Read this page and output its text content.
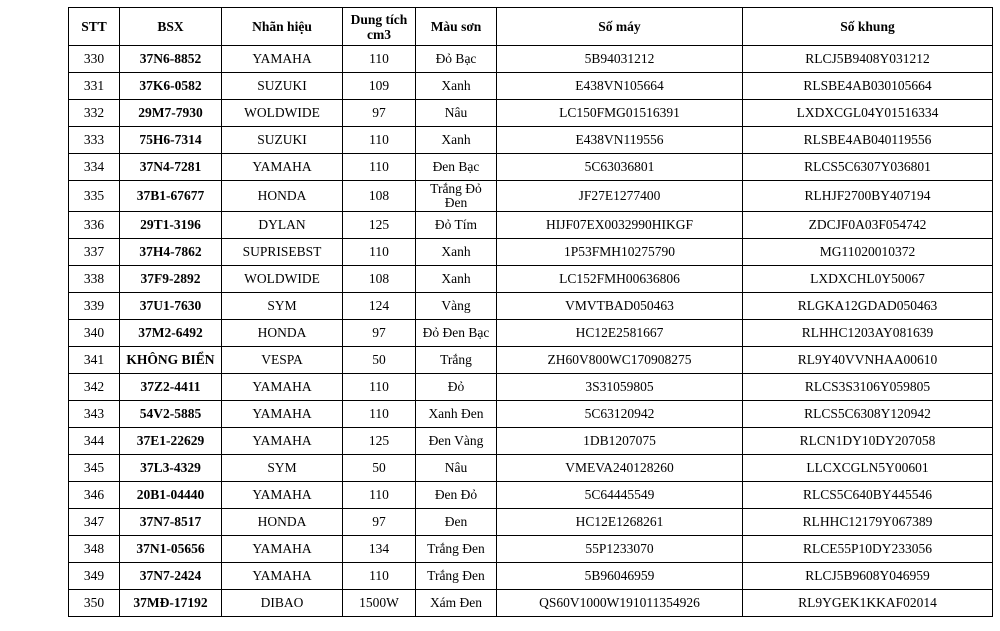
STT	BSX	Nhãn hiệu	Dung tích cm3	Màu sơn	Số máy	Số khung
330	37N6-8852	YAMAHA	110	Đỏ Bạc	5B94031212	RLCJ5B9408Y031212
331	37K6-0582	SUZUKI	109	Xanh	E438VN105664	RLSBE4AB030105664
332	29M7-7930	WOLDWIDE	97	Nâu	LC150FMG01516391	LXDXCGL04Y01516334
333	75H6-7314	SUZUKI	110	Xanh	E438VN119556	RLSBE4AB040119556
334	37N4-7281	YAMAHA	110	Đen Bạc	5C63036801	RLCS5C6307Y036801
335	37B1-67677	HONDA	108	Trắng Đỏ Đen	JF27E1277400	RLHJF2700BY407194
336	29T1-3196	DYLAN	125	Đỏ Tím	HIJF07EX0032990HIKGF	ZDCJF0A03F054742
337	37H4-7862	SUPRISEBST	110	Xanh	1P53FMH10275790	MG11020010372
338	37F9-2892	WOLDWIDE	108	Xanh	LC152FMH00636806	LXDXCHL0Y50067
339	37U1-7630	SYM	124	Vàng	VMVTBAD050463	RLGKA12GDAD050463
340	37M2-6492	HONDA	97	Đỏ Đen Bạc	HC12E2581667	RLHHC1203AY081639
341	KHÔNG BIỂN	VESPA	50	Trắng	ZH60V800WC170908275	RL9Y40VVNHAA00610
342	37Z2-4411	YAMAHA	110	Đỏ	3S31059805	RLCS3S3106Y059805
343	54V2-5885	YAMAHA	110	Xanh Đen	5C63120942	RLCS5C6308Y120942
344	37E1-22629	YAMAHA	125	Đen Vàng	1DB1207075	RLCN1DY10DY207058
345	37L3-4329	SYM	50	Nâu	VMEVA240128260	LLCXCGLN5Y00601
346	20B1-04440	YAMAHA	110	Đen Đỏ	5C64445549	RLCS5C640BY445546
347	37N7-8517	HONDA	97	Đen	HC12E1268261	RLHHC12179Y067389
348	37N1-05656	YAMAHA	134	Trắng Đen	55P1233070	RLCE55P10DY233056
349	37N7-2424	YAMAHA	110	Trắng Đen	5B96046959	RLCJ5B9608Y046959
350	37MĐ-17192	DIBAO	1500W	Xám Đen	QS60V1000W191011354926	RL9YGEK1KKAF02014
